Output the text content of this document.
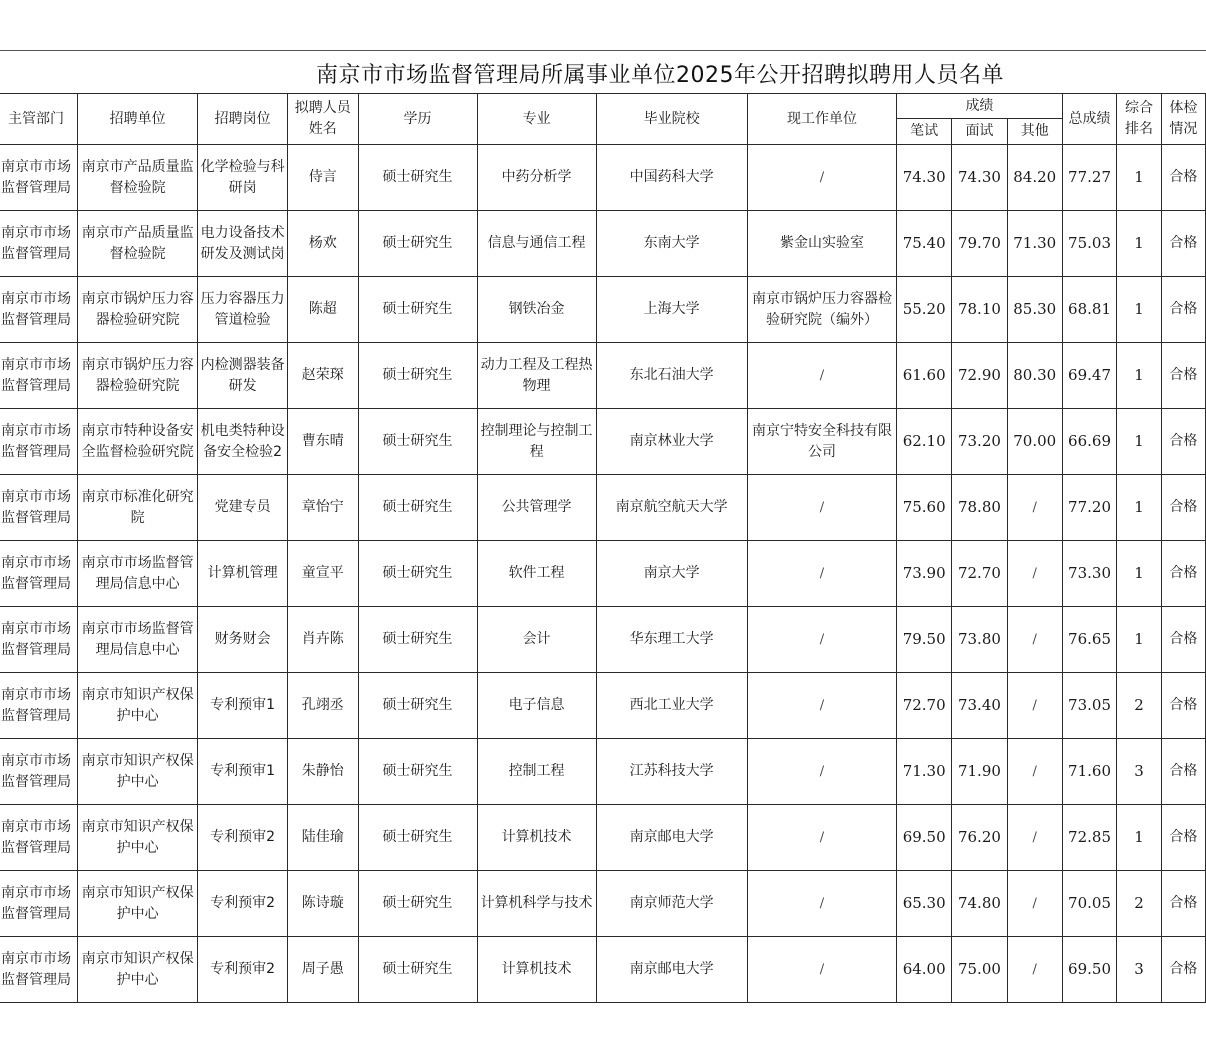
南京市市场监督管理局所属事业单位2025年公开招聘拟聘用人员名单
主管部门	招聘单位	招聘岗位	拟聘人员姓名	学历	专业	毕业院校	现工作单位	成绩			总成绩	综合排名	体检情况
								笔试	面试	其他			
南京市市场监督管理局	南京市产品质量监督检验院	化学检验与科研岗	侍言	硕士研究生	中药分析学	中国药科大学	/	74.30	74.30	84.20	77.27	1	合格
南京市市场监督管理局	南京市产品质量监督检验院	电力设备技术研发及测试岗	杨欢	硕士研究生	信息与通信工程	东南大学	紫金山实验室	75.40	79.70	71.30	75.03	1	合格
南京市市场监督管理局	南京市锅炉压力容器检验研究院	压力容器压力管道检验	陈超	硕士研究生	钢铁冶金	上海大学	南京市锅炉压力容器检验研究院（编外）	55.20	78.10	85.30	68.81	1	合格
南京市市场监督管理局	南京市锅炉压力容器检验研究院	内检测器装备研发	赵荣琛	硕士研究生	动力工程及工程热物理	东北石油大学	/	61.60	72.90	80.30	69.47	1	合格
南京市市场监督管理局	南京市特种设备安全监督检验研究院	机电类特种设备安全检验2	曹东晴	硕士研究生	控制理论与控制工程	南京林业大学	南京宁特安全科技有限公司	62.10	73.20	70.00	66.69	1	合格
南京市市场监督管理局	南京市标准化研究院	党建专员	章怡宁	硕士研究生	公共管理学	南京航空航天大学	/	75.60	78.80	/	77.20	1	合格
南京市市场监督管理局	南京市市场监督管理局信息中心	计算机管理	童宣平	硕士研究生	软件工程	南京大学	/	73.90	72.70	/	73.30	1	合格
南京市市场监督管理局	南京市市场监督管理局信息中心	财务财会	肖卉陈	硕士研究生	会计	华东理工大学	/	79.50	73.80	/	76.65	1	合格
南京市市场监督管理局	南京市知识产权保护中心	专利预审1	孔翊丞	硕士研究生	电子信息	西北工业大学	/	72.70	73.40	/	73.05	2	合格
南京市市场监督管理局	南京市知识产权保护中心	专利预审1	朱静怡	硕士研究生	控制工程	江苏科技大学	/	71.30	71.90	/	71.60	3	合格
南京市市场监督管理局	南京市知识产权保护中心	专利预审2	陆佳瑜	硕士研究生	计算机技术	南京邮电大学	/	69.50	76.20	/	72.85	1	合格
南京市市场监督管理局	南京市知识产权保护中心	专利预审2	陈诗璇	硕士研究生	计算机科学与技术	南京师范大学	/	65.30	74.80	/	70.05	2	合格
南京市市场监督管理局	南京市知识产权保护中心	专利预审2	周子愚	硕士研究生	计算机技术	南京邮电大学	/	64.00	75.00	/	69.50	3	合格
